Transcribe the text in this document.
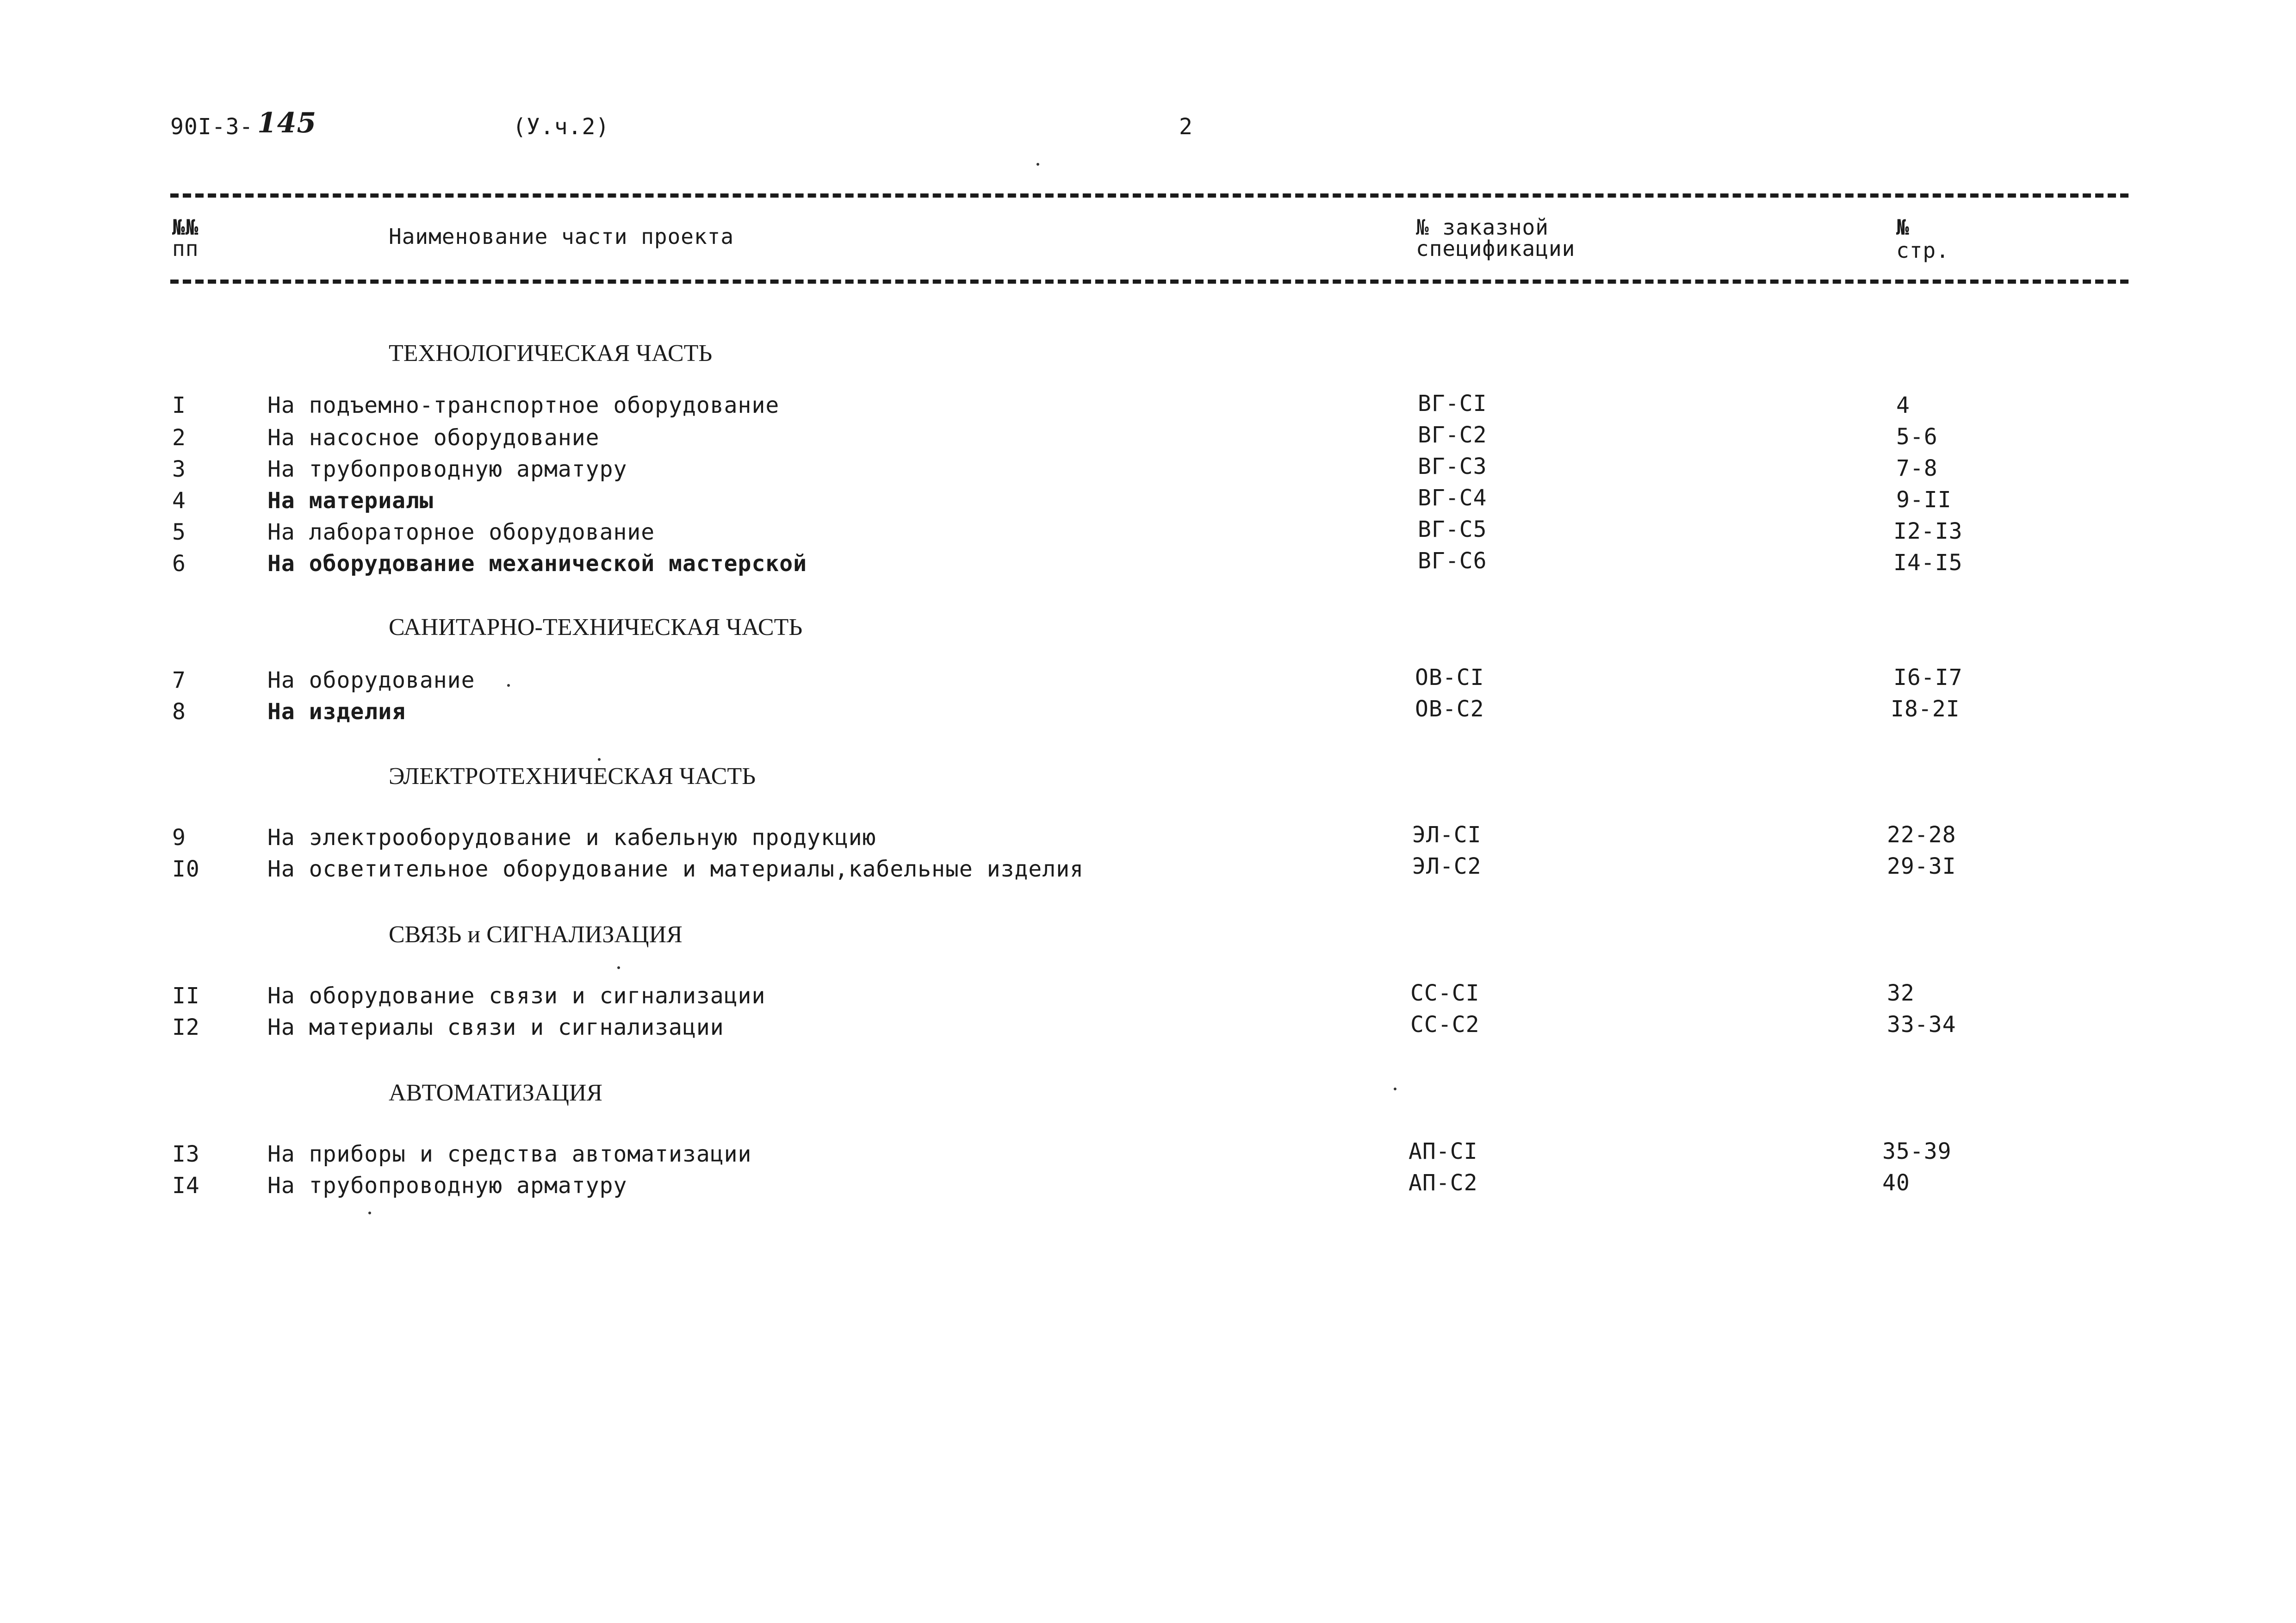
90I-3- 145	(У.ч.2)	2
№№
пп	Наименование части проекта	№ заказной
спецификации
№
стр.
ТЕХНОЛОГИЧЕСКАЯ ЧАСТЬ
I	На подъемно-транспортное оборудование	ВГ-СI	4
2	На насосное оборудование	ВГ-С2	5-6
3	На трубопроводную арматуру	ВГ-С3	7-8
4	На материалы	ВГ-С4	9-II
5	На лабораторное оборудование	ВГ-С5	I2-I3
6	На оборудование механической мастерской	ВГ-С6	I4-I5
САНИТАРНО-ТЕХНИЧЕСКАЯ ЧАСТЬ
7	На оборудование	ОВ-СI	I6-I7
8	На изделия	ОВ-С2	I8-2I
ЭЛЕКТРОТЕХНИЧЕСКАЯ ЧАСТЬ
9	На электрооборудование и кабельную продукцию	ЭЛ-СI	22-28
I0	На осветительное оборудование и материалы,кабельные изделия	ЭЛ-С2	29-3I
СВЯЗЬ и СИГНАЛИЗАЦИЯ
II	На оборудование связи и сигнализации	СС-СI	32
I2	На материалы связи и сигнализации	СС-С2	33-34
АВТОМАТИЗАЦИЯ
I3	На приборы и средства автоматизации	АП-СI	35-39
I4	На трубопроводную арматуру	АП-С2	40
